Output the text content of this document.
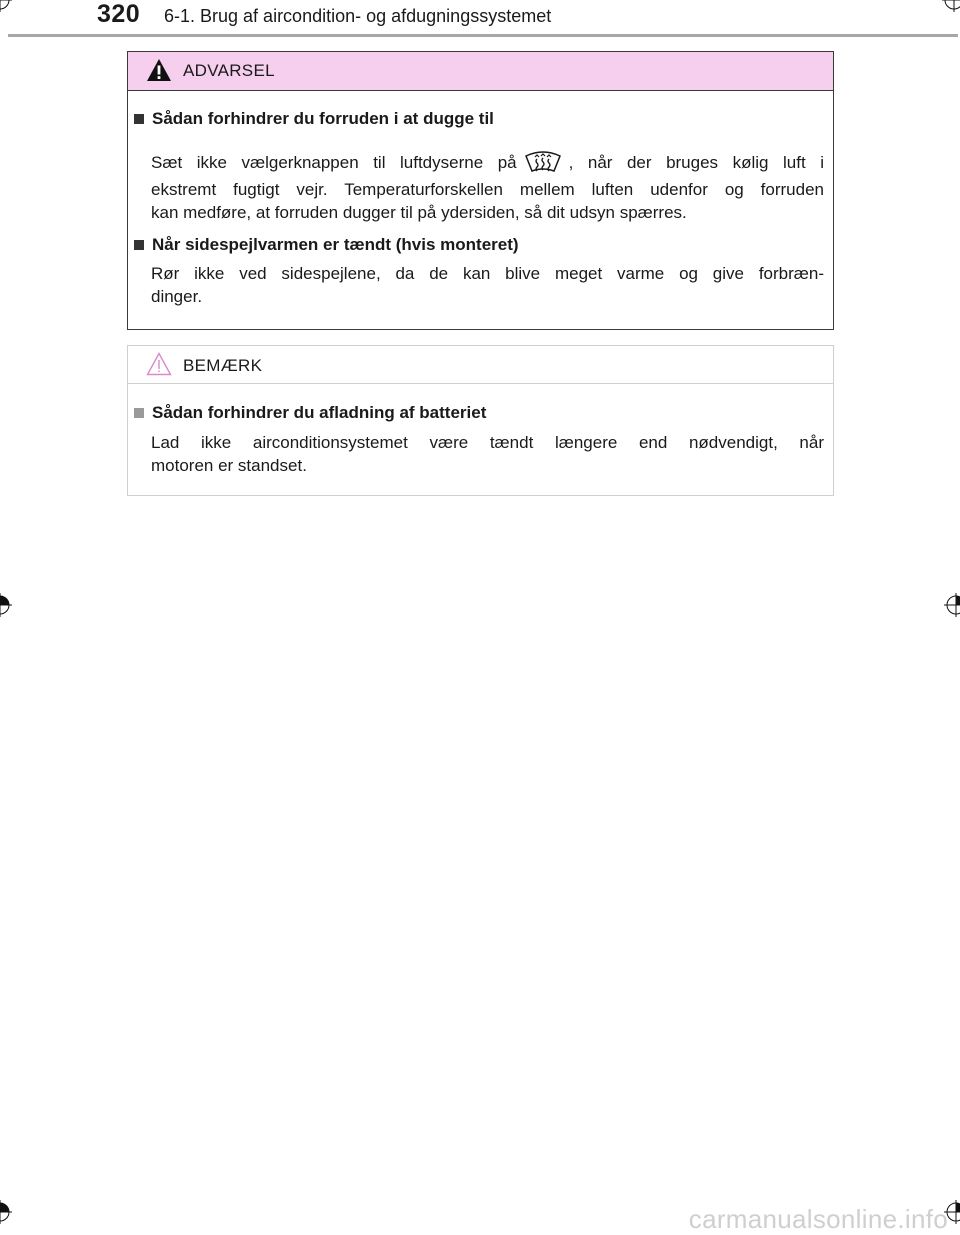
320 6-1. Brug af aircondition- og afdugningssystemet
ADVARSEL
Sådan forhindrer du forruden i at dugge til
Sæt ikke vælgerknappen til luftdyserne på	, når der bruges kølig luft i
ekstremt fugtigt vejr. Temperaturforskellen mellem luften udenfor og forruden
kan medføre, at forruden dugger til på ydersiden, så dit udsyn spærres.
Når sidespejlvarmen er tændt (hvis monteret)
Rør ikke ved sidespejlene, da de kan blive meget varme og give forbræn-
dinger.
BEMÆRK
Sådan forhindrer du afladning af batteriet
Lad ikke airconditionsystemet være tændt længere end nødvendigt, når
motoren er standset.
carmanualsonline.info
